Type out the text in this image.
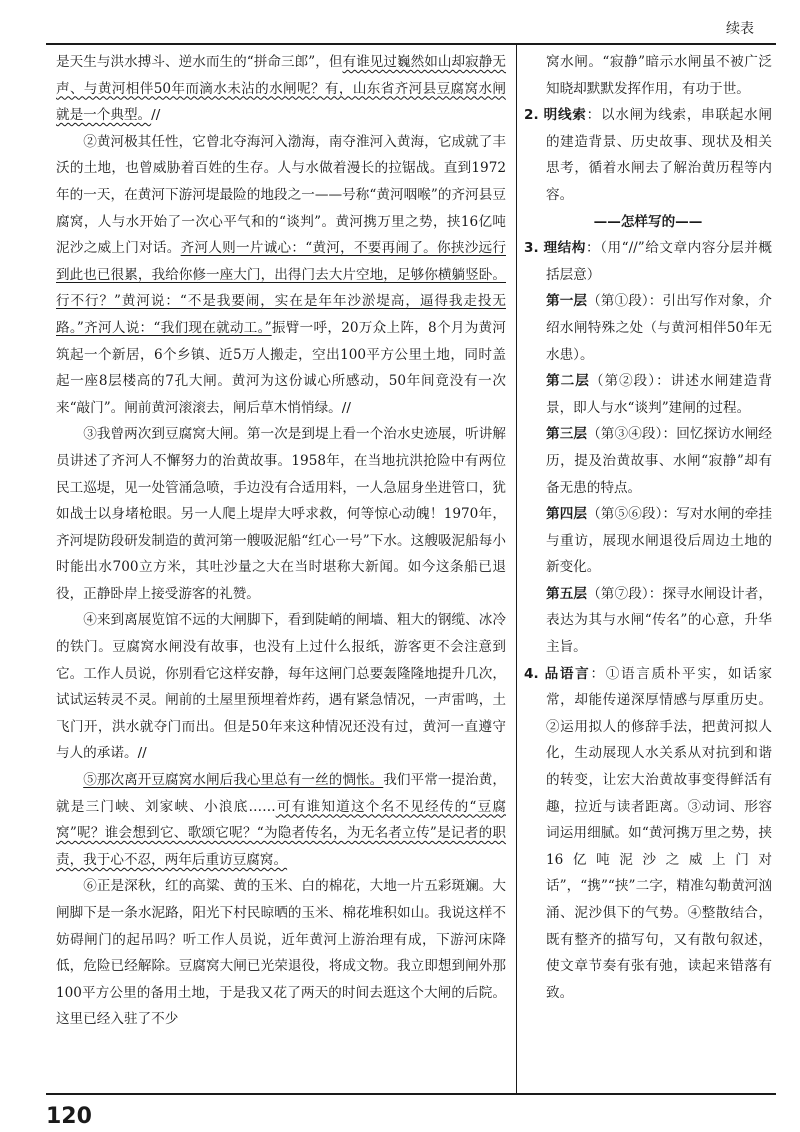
续表

是天生与洪水搏斗、逆水而生的“拼命三郎”，但有谁见过巍然如山却寂静无声、与黄河相伴50年而滴水未沾的水闸呢？有，山东省齐河县豆腐窝水闸就是一个典型。//

②黄河极其任性，它曾北夺海河入渤海，南夺淮河入黄海，它成就了丰沃的土地，也曾威胁着百姓的生存。人与水做着漫长的拉锯战。直到1972年的一天，在黄河下游河堤最险的地段之一——号称“黄河咽喉”的齐河县豆腐窝，人与水开始了一次心平气和的“谈判”。黄河携万里之势，挟16亿吨泥沙之威上门对话。齐河人则一片诚心：“黄河，不要再闹了。你挟沙远行到此也已很累，我给你修一座大门，出得门去大片空地，足够你横躺竖卧。行不行？”黄河说：“不是我要闹，实在是年年沙淤堤高，逼得我走投无路。”齐河人说：“我们现在就动工。”振臂一呼，20万众上阵，8个月为黄河筑起一个新居，6个乡镇、近5万人搬走，空出100平方公里土地，同时盖起一座8层楼高的7孔大闸。黄河为这份诚心所感动，50年间竟没有一次来“敲门”。闸前黄河滚滚去，闸后草木悄悄绿。//

③我曾两次到豆腐窝大闸。第一次是到堤上看一个治水史迹展，听讲解员讲述了齐河人不懈努力的治黄故事。1958年，在当地抗洪抢险中有两位民工巡堤，见一处管涌急喷，手边没有合适用料，一人急屈身坐进管口，犹如战士以身堵枪眼。另一人爬上堤岸大呼求救，何等惊心动魄！1970年，齐河堤防段研发制造的黄河第一艘吸泥船“红心一号”下水。这艘吸泥船每小时能出水700立方米，其吐沙量之大在当时堪称大新闻。如今这条船已退役，正静卧岸上接受游客的礼赞。

④来到离展览馆不远的大闸脚下，看到陡峭的闸墙、粗大的钢缆、冰冷的铁门。豆腐窝水闸没有故事，也没有上过什么报纸，游客更不会注意到它。工作人员说，你别看它这样安静，每年这闸门总要轰隆隆地提升几次，试试运转灵不灵。闸前的土屋里预埋着炸药，遇有紧急情况，一声雷鸣，土飞门开，洪水就夺门而出。但是50年来这种情况还没有过，黄河一直遵守与人的承诺。//

⑤那次离开豆腐窝水闸后我心里总有一丝的惆怅。我们平常一提治黄，就是三门峡、刘家峡、小浪底……可有谁知道这个名不见经传的“豆腐窝”呢？谁会想到它、歌颂它呢？“为隐者传名，为无名者立传”是记者的职责，我于心不忍，两年后重访豆腐窝。

⑥正是深秋，红的高粱、黄的玉米、白的棉花，大地一片五彩斑斓。大闸脚下是一条水泥路，阳光下村民晾晒的玉米、棉花堆积如山。我说这样不妨碍闸门的起吊吗？听工作人员说，近年黄河上游治理有成，下游河床降低，危险已经解除。豆腐窝大闸已光荣退役，将成文物。我立即想到闸外那100平方公里的备用土地，于是我又花了两天的时间去逛这个大闸的后院。这里已经入驻了不少

窝水闸。“寂静”暗示水闸虽不被广泛知晓却默默发挥作用，有功于世。

2. 明线索：以水闸为线索，串联起水闸的建造背景、历史故事、现状及相关思考，循着水闸去了解治黄历程等内容。

——怎样写的——

3. 理结构：（用“//”给文章内容分层并概括层意）

第一层（第①段）：引出写作对象，介绍水闸特殊之处（与黄河相伴50年无水患）。

第二层（第②段）：讲述水闸建造背景，即人与水“谈判”建闸的过程。

第三层（第③④段）：回忆探访水闸经历，提及治黄故事、水闸“寂静”却有备无患的特点。

第四层（第⑤⑥段）：写对水闸的牵挂与重访，展现水闸退役后周边土地的新变化。

第五层（第⑦段）：探寻水闸设计者，表达为其与水闸“传名”的心意，升华主旨。

4. 品语言：①语言质朴平实，如话家常，却能传递深厚情感与厚重历史。②运用拟人的修辞手法，把黄河拟人化，生动展现人水关系从对抗到和谐的转变，让宏大治黄故事变得鲜活有趣，拉近与读者距离。③动词、形容词运用细腻。如“黄河携万里之势，挟16亿吨泥沙之威上门对话”，“携”“挟”二字，精准勾勒黄河汹涌、泥沙俱下的气势。④整散结合，既有整齐的描写句，又有散句叙述，使文章节奏有张有弛，读起来错落有致。

120
